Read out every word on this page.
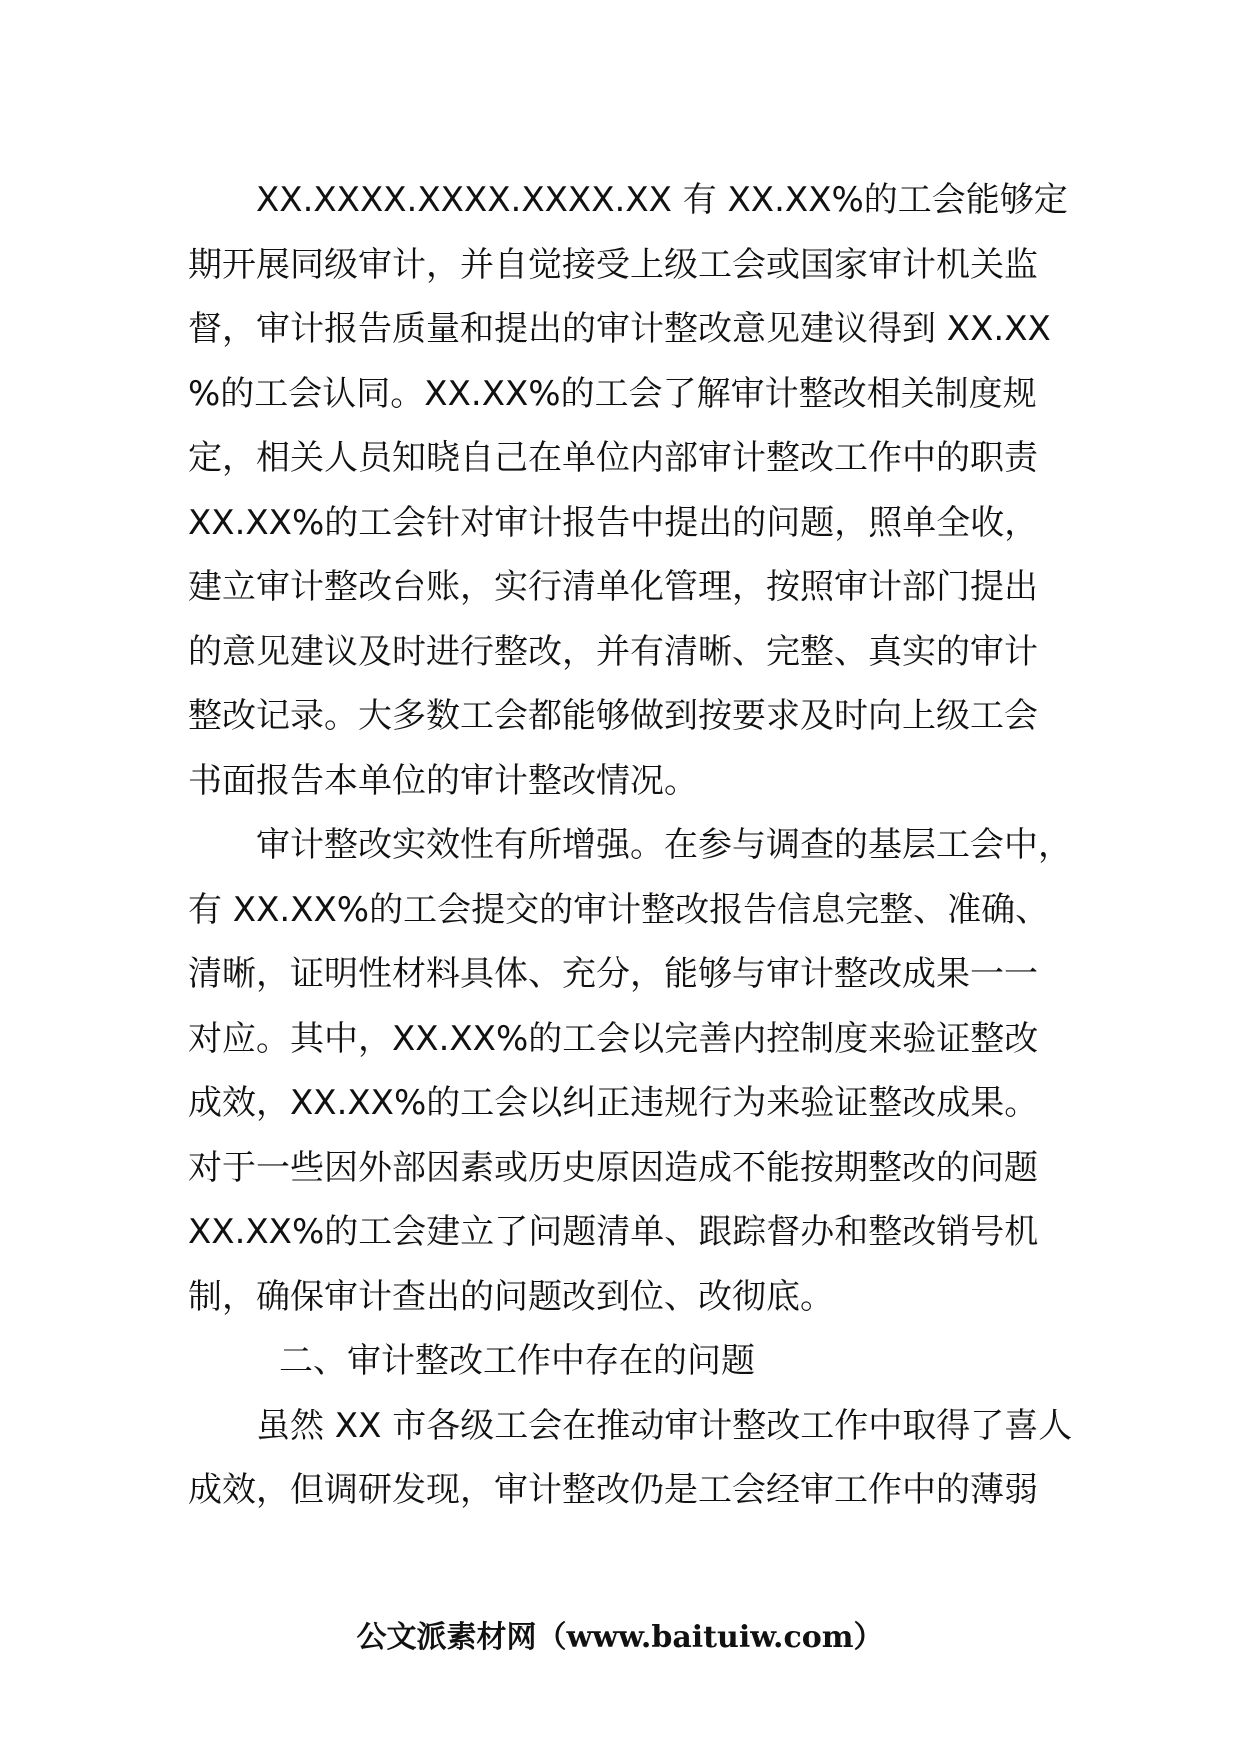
XX.XXXX.XXXX.XXXX.XX 有 XX.XX%的工会能够定
期开展同级审计，并自觉接受上级工会或国家审计机关监
督，审计报告质量和提出的审计整改意见建议得到 XX.XX
%的工会认同。XX.XX%的工会了解审计整改相关制度规
定，相关人员知晓自己在单位内部审计整改工作中的职责
XX.XX%的工会针对审计报告中提出的问题，照单全收，
建立审计整改台账，实行清单化管理，按照审计部门提出
的意见建议及时进行整改，并有清晰、完整、真实的审计
整改记录。大多数工会都能够做到按要求及时向上级工会
书面报告本单位的审计整改情况。
审计整改实效性有所增强。在参与调查的基层工会中，
有 XX.XX%的工会提交的审计整改报告信息完整、准确、
清晰，证明性材料具体、充分，能够与审计整改成果一一
对应。其中，XX.XX%的工会以完善内控制度来验证整改
成效，XX.XX%的工会以纠正违规行为来验证整改成果。
对于一些因外部因素或历史原因造成不能按期整改的问题
XX.XX%的工会建立了问题清单、跟踪督办和整改销号机
制，确保审计查出的问题改到位、改彻底。
二、审计整改工作中存在的问题
虽然 XX 市各级工会在推动审计整改工作中取得了喜人
成效，但调研发现，审计整改仍是工会经审工作中的薄弱
公文派素材网（www.baituiw.com）
